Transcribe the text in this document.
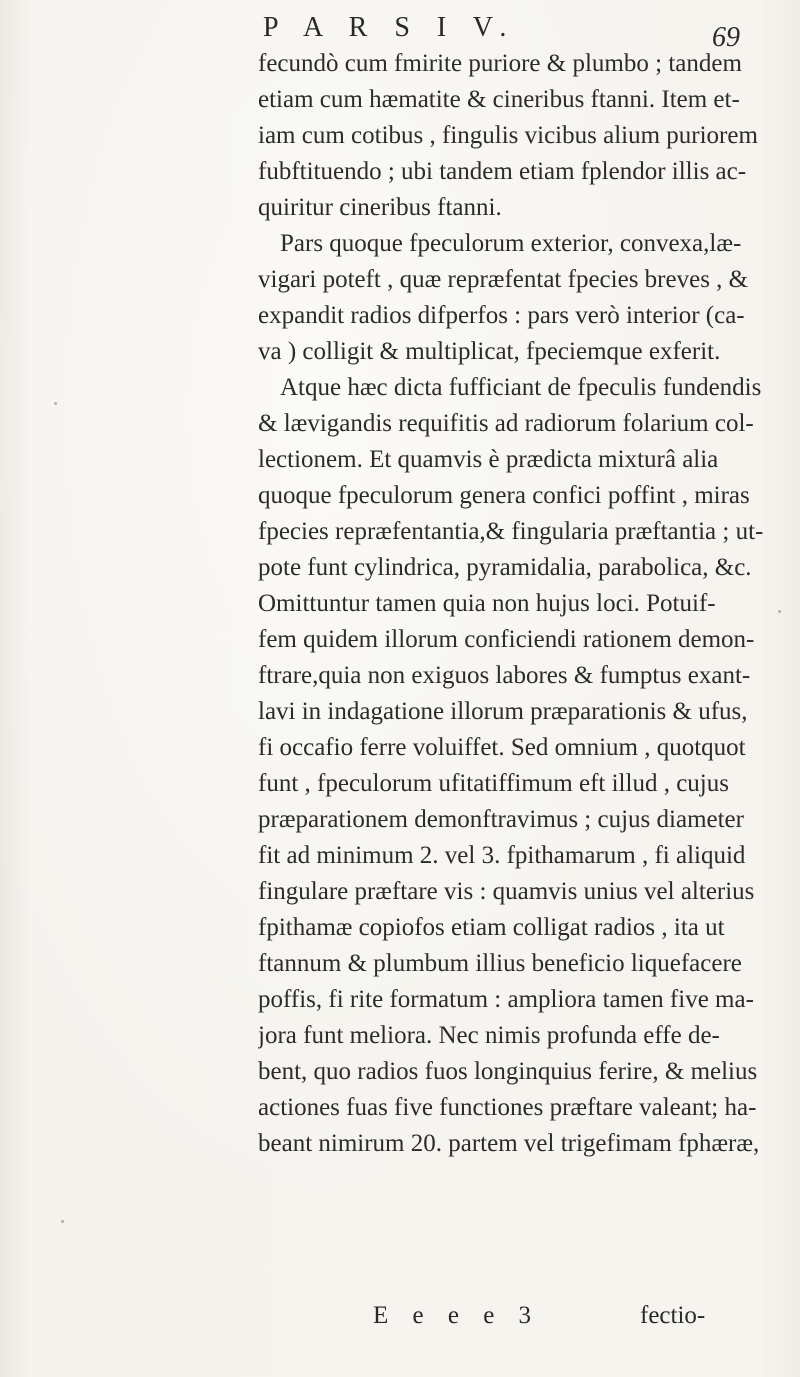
P A R S I V.	69
fecundò cum fmirite puriore & plumbo ; tandem
etiam cum hæmatite & cineribus ftanni. Item et-
iam cum cotibus , fingulis vicibus alium puriorem
fubftituendo ; ubi tandem etiam fplendor illis ac-
quiritur cineribus ftanni.
Pars quoque fpeculorum exterior, convexa,læ-
vigari poteft , quæ repræfentat fpecies breves , &
expandit radios difperfos : pars verò interior (ca-
va ) colligit & multiplicat, fpeciemque exferit.
Atque hæc dicta fufficiant de fpeculis fundendis
& lævigandis requifitis ad radiorum folarium col-
lectionem. Et quamvis è prædicta mixturâ alia
quoque fpeculorum genera confici poffint , miras
fpecies repræfentantia,& fingularia præftantia ; ut-
pote funt cylindrica, pyramidalia, parabolica, &c.
Omittuntur tamen quia non hujus loci. Potuif-
fem quidem illorum conficiendi rationem demon-
ftrare,quia non exiguos labores & fumptus exant-
lavi in indagatione illorum præparationis & ufus,
fi occafio ferre voluiffet. Sed omnium , quotquot
funt , fpeculorum ufitatiffimum eft illud , cujus
præparationem demonftravimus ; cujus diameter
fit ad minimum 2. vel 3. fpithamarum , fi aliquid
fingulare præftare vis : quamvis unius vel alterius
fpithamæ copiofos etiam colligat radios , ita ut
ftannum & plumbum illius beneficio liquefacere
poffis, fi rite formatum : ampliora tamen five ma-
jora funt meliora. Nec nimis profunda effe de-
bent, quo radios fuos longinquius ferire, & melius
actiones fuas five functiones præftare valeant; ha-
beant nimirum 20. partem vel trigefimam fphæræ,
E e e e 3	fectio-
